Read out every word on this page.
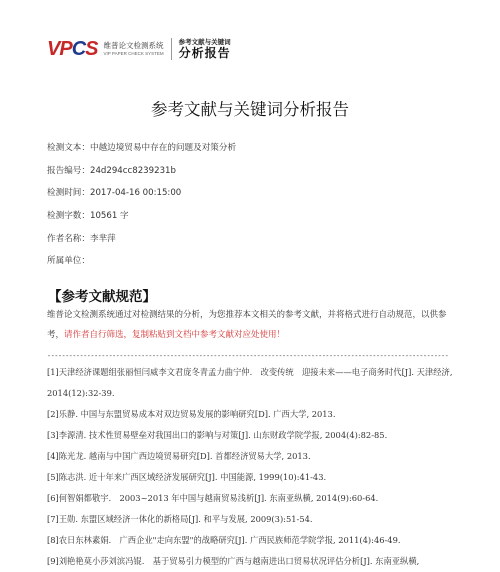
V P C S 维普论文检测系统
VIP PAPER CHECK SYSTEM
参考文献与关键词
分析报告
参考文献与关键词分析报告
检测文本：中越边境贸易中存在的问题及对策分析
报告编号：24d294cc8239231b
检测时间：2017-04-16 00:15:00
检测字数：10561 字
作者名称：李芈萍
所属单位：
【参考文献规范】
维普论文检测系统通过对检测结果的分析，为您推荐本文相关的参考文献，并将格式进行自动规范，以供参考，请作者自行筛选，复制粘贴到文档中参考文献对应处使用！
---------------------------------------------------------------------------------------------------------------
[1]天津经济课题组张丽恒闫威李文君庞冬青孟力曲宁仲.　改变传统　迎接未来——电子商务时代[J]. 天津经济, 2014(12):32-39.
[2]乐静. 中国与东盟贸易成本对双边贸易发展的影响研究[D]. 广西大学, 2013.
[3]李源清. 技术性贸易壁垒对我国出口的影响与对策[J]. 山东财政学院学报, 2004(4):82-85.
[4]陈光龙. 越南与中国广西边境贸易研究[D]. 首都经济贸易大学, 2013.
[5]陈志洪. 近十年来广西区域经济发展研究[J]. 中国能源, 1999(10):41-43.
[6]何智娟都敬宇.　2003~2013 年中国与越南贸易浅析[J]. 东南亚纵横, 2014(9):60-64.
[7]王勋. 东盟区域经济一体化的新格局[J]. 和平与发展, 2009(3):51-54.
[8]农日东林素娟.　广西企业"走向东盟"的战略研究[J]. 广西民族师范学院学报, 2011(4):46-49.
[9]刘艳艳莫小莎刘滨冯锟.　基于贸易引力模型的广西与越南进出口贸易状况评估分析[J]. 东南亚纵横,
